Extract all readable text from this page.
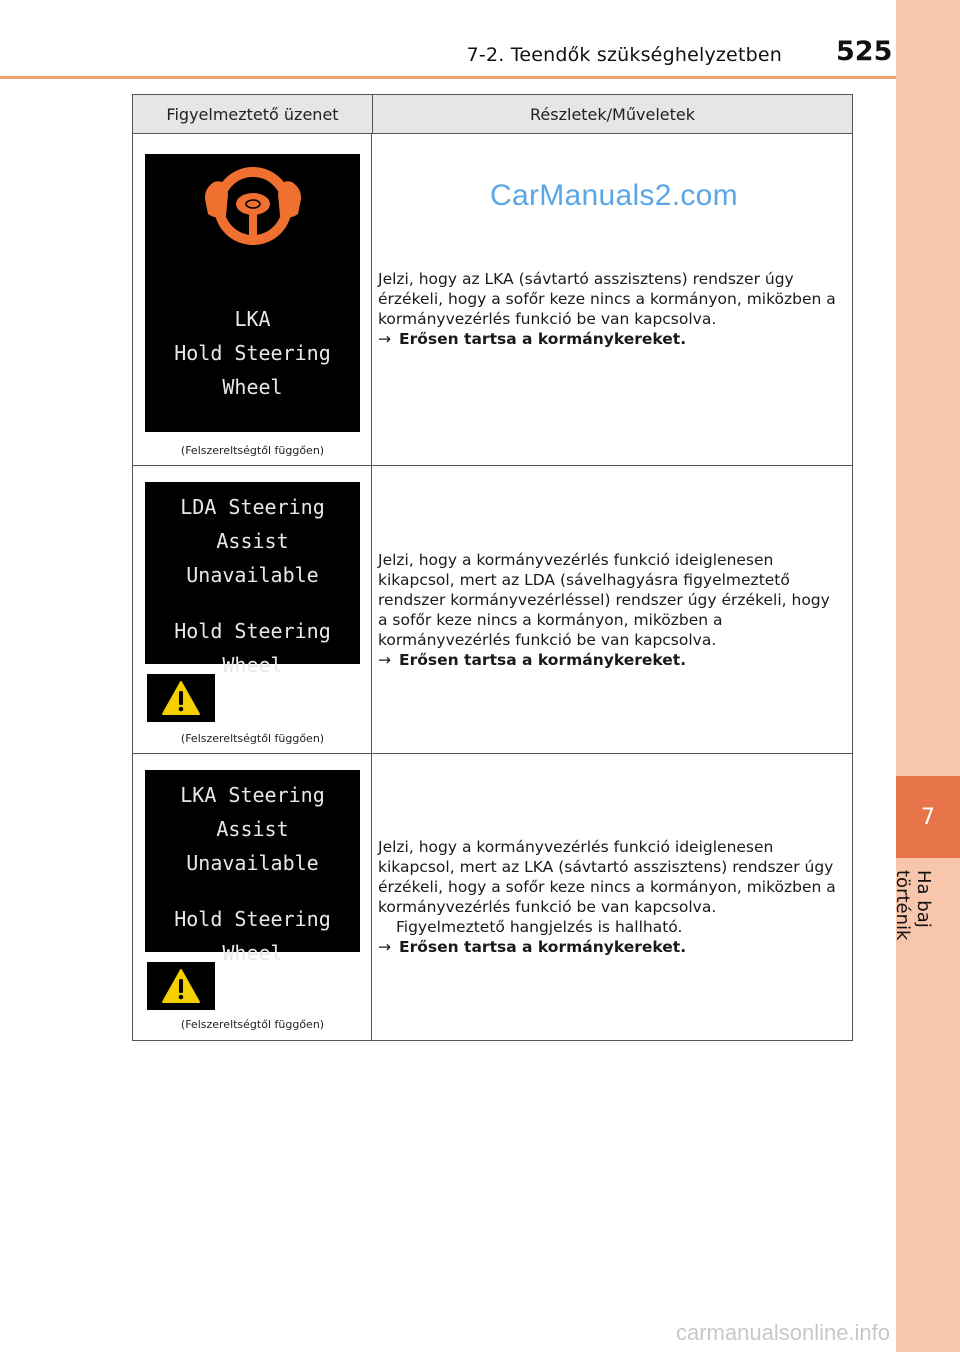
7-2. Teendők szükséghelyzetben 525
7
Ha baj történik
Figyelmeztető üzenet	Részletek/Műveletek
LKA
Hold Steering
Wheel
(Felszereltségtől függően)
CarManuals2.com
Jelzi, hogy az LKA (sávtartó asszisztens) rendszer úgy érzékeli, hogy a sofőr keze nincs a kormányon, miközben a kormányvezérlés funkció be van kapcsolva.
→ Erősen tartsa a kormánykereket.
LDA Steering
Assist Unavailable
Hold Steering
Wheel
(Felszereltségtől függően)
Jelzi, hogy a kormányvezérlés funkció ideiglenesen kikapcsol, mert az LDA (sávelhagyásra figyelmeztető rendszer kormányvezérléssel) rendszer úgy érzékeli, hogy a sofőr keze nincs a kormányon, miközben a kormányvezérlés funkció be van kapcsolva.
→ Erősen tartsa a kormánykereket.
LKA Steering
Assist Unavailable
Hold Steering
Wheel
(Felszereltségtől függően)
Jelzi, hogy a kormányvezérlés funkció ideiglenesen kikapcsol, mert az LKA (sávtartó asszisztens) rendszer úgy érzékeli, hogy a sofőr keze nincs a kormányon, miközben a kormányvezérlés funkció be van kapcsolva.
Figyelmeztető hangjelzés is hallható.
→ Erősen tartsa a kormánykereket.
carmanualsonline.info
